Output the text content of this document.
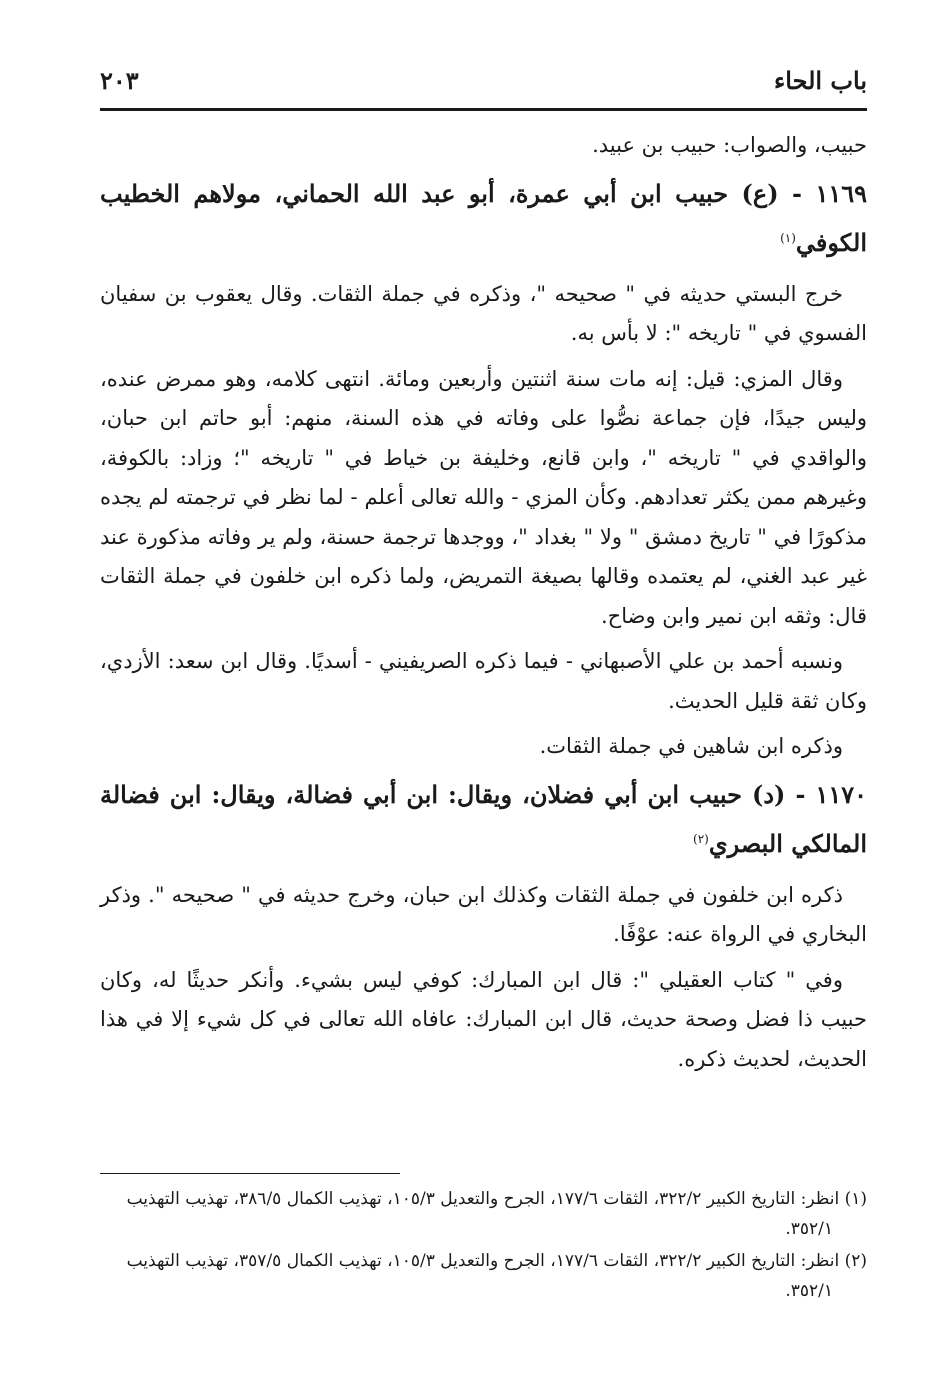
باب الحاء
٢٠٣

حبيب، والصواب: حبيب بن عبيد.

١١٦٩ - (ع) حبيب ابن أبي عمرة، أبو عبد الله الحماني، مولاهم الخطيب الكوفي$^{(١)}$

خرج البستي حديثه في " صحيحه "، وذكره في جملة الثقات. وقال يعقوب بن سفيان الفسوي في " تاريخه ": لا بأس به.

وقال المزي: قيل: إنه مات سنة اثنتين وأربعين ومائة. انتهى كلامه، وهو ممرض عنده، وليس جيدًا، فإن جماعة نصُّوا على وفاته في هذه السنة، منهم: أبو حاتم ابن حبان، والواقدي في " تاريخه "، وابن قانع، وخليفة بن خياط في " تاريخه "؛ وزاد: بالكوفة، وغيرهم ممن يكثر تعدادهم. وكأن المزي - والله تعالى أعلم - لما نظر في ترجمته لم يجده مذكورًا في " تاريخ دمشق " ولا " بغداد "، ووجدها ترجمة حسنة، ولم ير وفاته مذكورة عند غير عبد الغني، لم يعتمده وقالها بصيغة التمريض، ولما ذكره ابن خلفون في جملة الثقات قال: وثقه ابن نمير وابن وضاح.

ونسبه أحمد بن علي الأصبهاني - فيما ذكره الصريفيني - أسديًا. وقال ابن سعد: الأزدي، وكان ثقة قليل الحديث.

وذكره ابن شاهين في جملة الثقات.

١١٧٠ - (د) حبيب ابن أبي فضلان، ويقال: ابن أبي فضالة، ويقال: ابن فضالة المالكي البصري$^{(٢)}$

ذكره ابن خلفون في جملة الثقات وكذلك ابن حبان، وخرج حديثه في " صحيحه ". وذكر البخاري في الرواة عنه: عوْفًا.

وفي " كتاب العقيلي ": قال ابن المبارك: كوفي ليس بشيء. وأنكر حديثًا له، وكان حبيب ذا فضل وصحة حديث، قال ابن المبارك: عافاه الله تعالى في كل شيء إلا في هذا الحديث، لحديث ذكره.

(١) انظر: التاريخ الكبير ٣٢٢/٢، الثقات ١٧٧/٦، الجرح والتعديل ١٠٥/٣، تهذيب الكمال ٣٨٦/٥، تهذيب التهذيب ٣٥٢/١.

(٢) انظر: التاريخ الكبير ٣٢٢/٢، الثقات ١٧٧/٦، الجرح والتعديل ١٠٥/٣، تهذيب الكمال ٣٥٧/٥، تهذيب التهذيب ٣٥٢/١.
